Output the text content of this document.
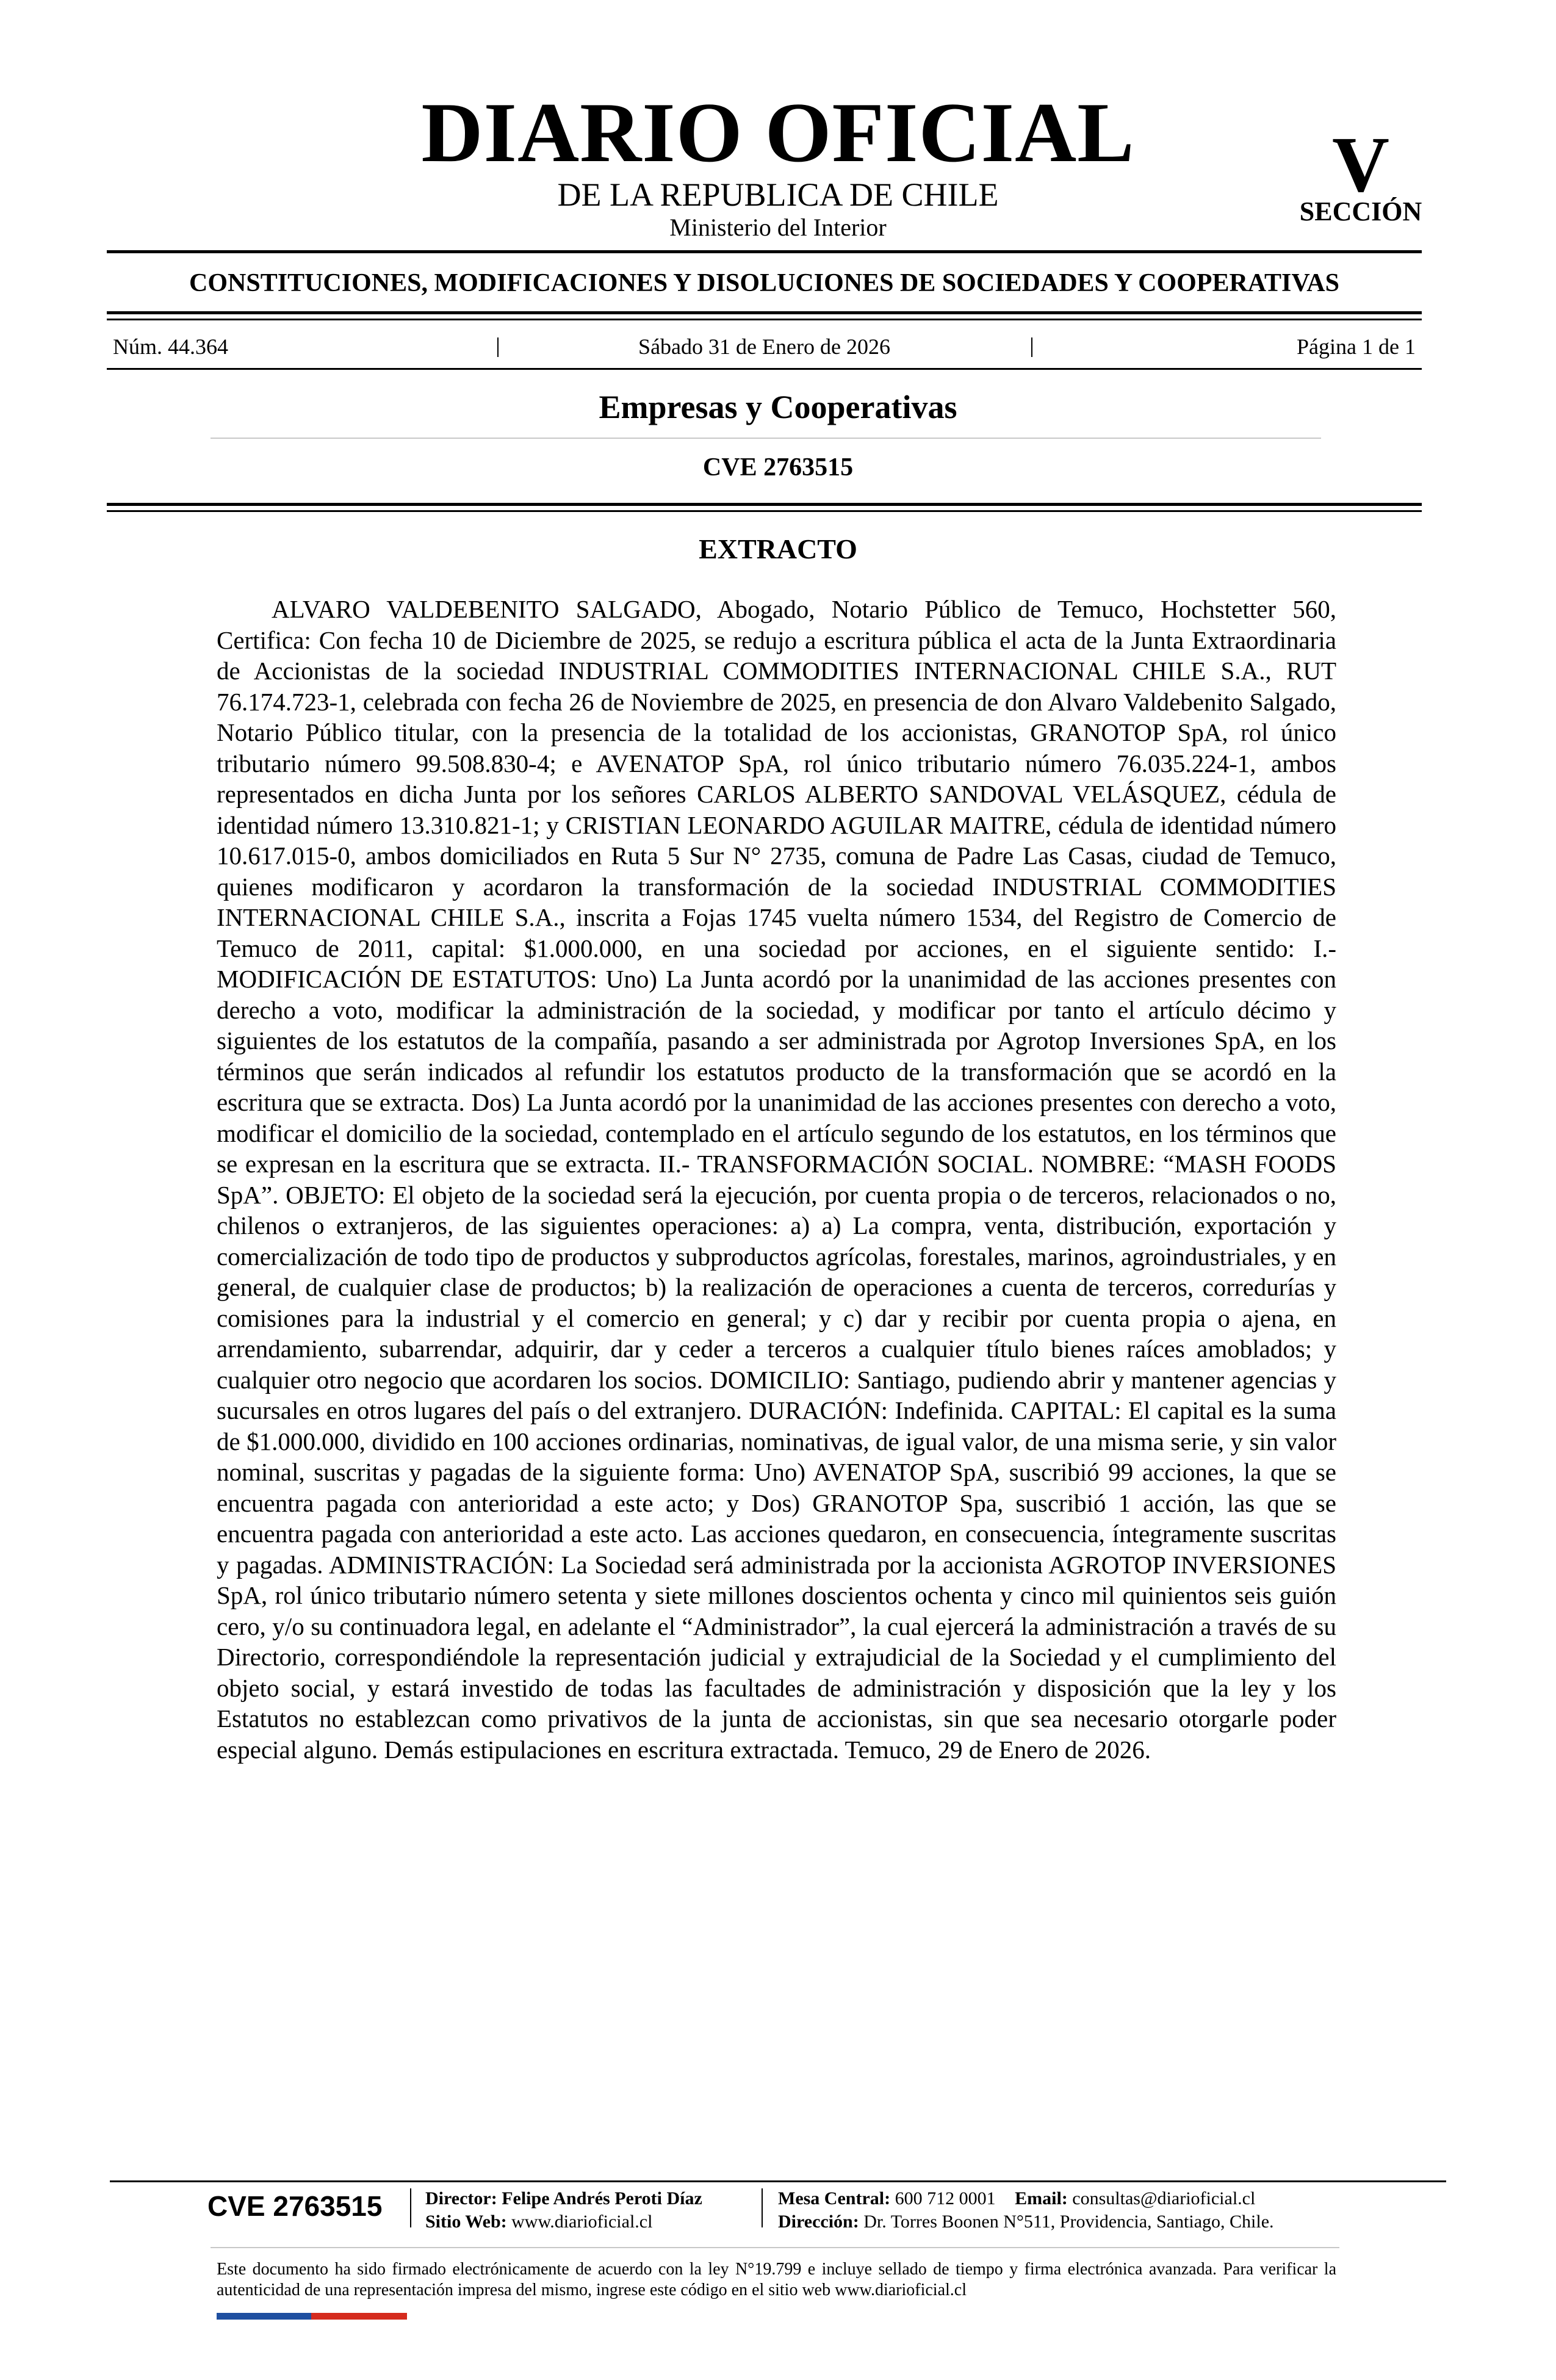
DIARIO OFICIAL
DE LA REPUBLICA DE CHILE
Ministerio del Interior
V
SECCIÓN
CONSTITUCIONES, MODIFICACIONES Y DISOLUCIONES DE SOCIEDADES Y COOPERATIVAS
Núm. 44.364	Sábado 31 de Enero de 2026	Página 1 de 1
Empresas y Cooperativas
CVE 2763515
EXTRACTO
ALVARO VALDEBENITO SALGADO, Abogado, Notario Público de Temuco, Hochstetter 560, Certifica: Con fecha 10 de Diciembre de 2025, se redujo a escritura pública el acta de la Junta Extraordinaria de Accionistas de la sociedad INDUSTRIAL COMMODITIES INTERNACIONAL CHILE S.A., RUT 76.174.723-1, celebrada con fecha 26 de Noviembre de 2025, en presencia de don Alvaro Valdebenito Salgado, Notario Público titular, con la presencia de la totalidad de los accionistas, GRANOTOP SpA, rol único tributario número 99.508.830-4; e AVENATOP SpA, rol único tributario número 76.035.224-1, ambos representados en dicha Junta por los señores CARLOS ALBERTO SANDOVAL VELÁSQUEZ, cédula de identidad número 13.310.821-1; y CRISTIAN LEONARDO AGUILAR MAITRE, cédula de identidad número 10.617.015-0, ambos domiciliados en Ruta 5 Sur N° 2735, comuna de Padre Las Casas, ciudad de Temuco, quienes modificaron y acordaron la transformación de la sociedad INDUSTRIAL COMMODITIES INTERNACIONAL CHILE S.A., inscrita a Fojas 1745 vuelta número 1534, del Registro de Comercio de Temuco de 2011, capital: $1.000.000, en una sociedad por acciones, en el siguiente sentido: I.- MODIFICACIÓN DE ESTATUTOS: Uno) La Junta acordó por la unanimidad de las acciones presentes con derecho a voto, modificar la administración de la sociedad, y modificar por tanto el artículo décimo y siguientes de los estatutos de la compañía, pasando a ser administrada por Agrotop Inversiones SpA, en los términos que serán indicados al refundir los estatutos producto de la transformación que se acordó en la escritura que se extracta. Dos) La Junta acordó por la unanimidad de las acciones presentes con derecho a voto, modificar el domicilio de la sociedad, contemplado en el artículo segundo de los estatutos, en los términos que se expresan en la escritura que se extracta. II.- TRANSFORMACIÓN SOCIAL. NOMBRE: “MASH FOODS SpA”. OBJETO: El objeto de la sociedad será la ejecución, por cuenta propia o de terceros, relacionados o no, chilenos o extranjeros, de las siguientes operaciones: a) a) La compra, venta, distribución, exportación y comercialización de todo tipo de productos y subproductos agrícolas, forestales, marinos, agroindustriales, y en general, de cualquier clase de productos; b) la realización de operaciones a cuenta de terceros, corredurías y comisiones para la industrial y el comercio en general; y c) dar y recibir por cuenta propia o ajena, en arrendamiento, subarrendar, adquirir, dar y ceder a terceros a cualquier título bienes raíces amoblados; y cualquier otro negocio que acordaren los socios. DOMICILIO: Santiago, pudiendo abrir y mantener agencias y sucursales en otros lugares del país o del extranjero. DURACIÓN: Indefinida. CAPITAL: El capital es la suma de $1.000.000, dividido en 100 acciones ordinarias, nominativas, de igual valor, de una misma serie, y sin valor nominal, suscritas y pagadas de la siguiente forma: Uno) AVENATOP SpA, suscribió 99 acciones, la que se encuentra pagada con anterioridad a este acto; y Dos) GRANOTOP Spa, suscribió 1 acción, las que se encuentra pagada con anterioridad a este acto. Las acciones quedaron, en consecuencia, íntegramente suscritas y pagadas. ADMINISTRACIÓN: La Sociedad será administrada por la accionista AGROTOP INVERSIONES SpA, rol único tributario número setenta y siete millones doscientos ochenta y cinco mil quinientos seis guión cero, y/o su continuadora legal, en adelante el “Administrador”, la cual ejercerá la administración a través de su Directorio, correspondiéndole la representación judicial y extrajudicial de la Sociedad y el cumplimiento del objeto social, y estará investido de todas las facultades de administración y disposición que la ley y los Estatutos no establezcan como privativos de la junta de accionistas, sin que sea necesario otorgarle poder especial alguno. Demás estipulaciones en escritura extractada. Temuco, 29 de Enero de 2026.
CVE 2763515 Director: Felipe Andrés Peroti Díaz
Sitio Web: www.diarioficial.cl
Mesa Central: 600 712 0001 Email: consultas@diarioficial.cl
Dirección: Dr. Torres Boonen N°511, Providencia, Santiago, Chile.
Este documento ha sido firmado electrónicamente de acuerdo con la ley N°19.799 e incluye sellado de tiempo y firma electrónica avanzada. Para verificar la autenticidad de una representación impresa del mismo, ingrese este código en el sitio web www.diarioficial.cl
